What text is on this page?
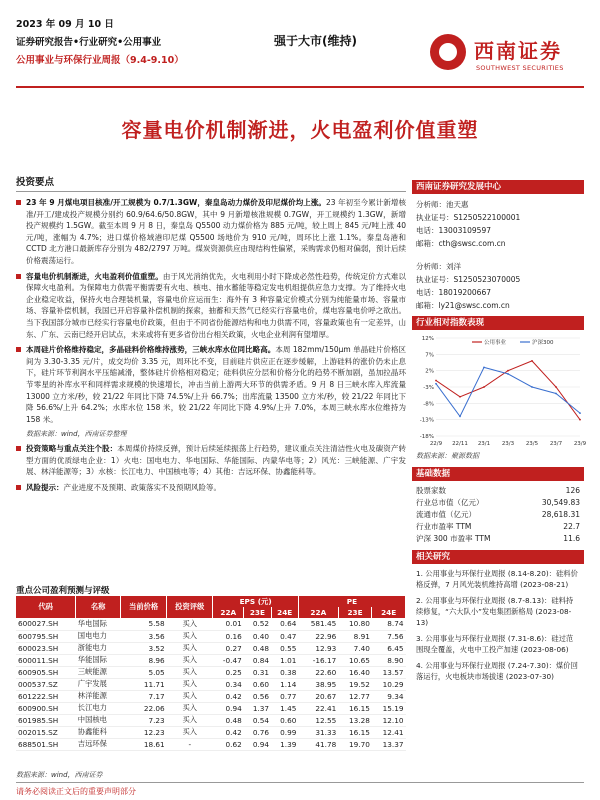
2023 年 09 月 10 日
证券研究报告•行业研究•公用事业
公用事业与环保行业周报（9.4-9.10）
强于大市(维持)	西南证券
SOUTHWEST SECURITIES
容量电价机制渐进，火电盈利价值重塑
投资要点
23 年 9 月煤电项目核准/开工规模为 0.7/1.3GW，秦皇岛动力煤价及印尼煤价均上涨。23 年初至今累计新增核准/开工/建成投产规模分别约 60.9/64.6/50.8GW，其中 9 月新增核准规模 0.7GW，开工规模约 1.3GW，新增投产规模约 1.5GW。截至本周 9 月 8 日，秦皇岛 Q5500 动力煤价格为 885 元/吨，较上周上 845 元/吨上涨 40 元/吨，涨幅为 4.7%；进口煤价格域港印尼煤 Q5500 场地价为 910 元/吨，周环比上涨 1.1%。秦皇岛港和 CCTD 北方港口最新库存分别为 482/2797 万吨。煤炭资源供应由现结构性偏紧，采购需求仍相对偏弱，预计后续价格震荡运行。
容量电价机制渐进，火电盈利价值重塑。由于风光消纳优先，火电利用小时下降成必然性趋势，传统定价方式难以保障火电盈利。为保障电力供需平衡需要有火电、核电、抽水蓄能等稳定发电机组提供应急力支撑。为了维持火电企业稳定收益，保持火电合理装机量，容量电价应运而生：海外有 3 种容量定价模式分别为纯能量市场、容量市场、容量补偿机制，我国已开启容量补偿机制的探索，抽蓄和天然气已经实行容量电价，煤电容量电价呼之欲出。当下我国部分城市已经实行容量电价政策，但由于不同省份能源结构和电力供需不同，容量政策也有一定差异，山东、广东、云南已经开启试点，未来或将有更多省份出台相关政策，火电企业利润有望增厚。
本周硅片价格维持稳定，多晶硅料价格维持涨势，三峡水库水位同比略高。本周 182mm/150μm 单晶硅片价格区间为 3.30-3.35 元/片，成交均价 3.35 元，周环比不变，目前硅片供应正在逐步缓解，上游硅料的涨价仍未止息下，硅片环节利润水平压缩减滑，整体硅片价格相对稳定；硅料供应分层和价格分化的趋势不断加剧，虽加拉晶环节零星的补库水平和同样需求规模的快速增长，冲击当前上游两大环节的供需矛盾。9 月 8 日三峡水库入库流量 13000 立方米/秒，较 21/22 年同比下降 74.5%/上升 66.7%；出库流量 13500 立方米/秒，较 21/22 年同比下降 56.6%/上升 64.2%；水库水位 158 米，较 21/22 年同比下降 4.9%/上升 7.0%，本周三峡水库水位维持为 158 米。
数据来源：wind，西南证券整理
投资策略与重点关注个股：本周煤价持续反弹，预计后续延续振荡上行趋势，建议重点关注清洁性火电及碳资产转型方面的优质绿电企业：1）火电：国电电力、华电国际、华能国际、内蒙华电等；2）风光：三峡能源、广宇发展、林洋能源等；3）水核：长江电力、中国核电等；4）其他：吉远环保、协鑫能科等。
风险提示：产业进度不及预期、政策落实不及预期风险等。
重点公司盈利预测与评级
代码	名称	当前价格	投资评级	EPS (元)			PE		
				22A	23E	24E	22A	23E	24E
600027.SH	华电国际	5.58	买入	0.01	0.52	0.64	581.45	10.80	8.74
600795.SH	国电电力	3.56	买入	0.16	0.40	0.47	22.96	8.91	7.56
600023.SH	浙能电力	3.52	买入	0.27	0.48	0.55	12.93	7.40	6.45
600011.SH	华能国际	8.96	买入	-0.47	0.84	1.01	-16.17	10.65	8.90
600905.SH	三峡能源	5.05	买入	0.25	0.31	0.38	22.60	16.40	13.57
000537.SZ	广宇发展	11.71	买入	0.34	0.60	1.14	38.95	19.52	10.29
601222.SH	林洋能源	7.17	买入	0.42	0.56	0.77	20.67	12.77	9.34
600900.SH	长江电力	22.06	买入	0.94	1.37	1.45	22.41	16.15	15.19
601985.SH	中国核电	7.23	买入	0.48	0.54	0.60	12.55	13.28	12.10
002015.SZ	协鑫能科	12.23	买入	0.42	0.76	0.99	31.33	16.15	12.41
688501.SH	吉远环保	18.61	-	0.62	0.94	1.39	41.78	19.70	13.37
数据来源：wind，西南证券
西南证券研究发展中心
分析师：池天惠
执业证号：S1250522100001
电话：13003109597
邮箱：cth@swsc.com.cn
分析师：刘洋
执业证号：S1250523070005
电话：18019200667
邮箱：ly21@swsc.com.cn
行业相对指数表现
12%
7%
2%
-3%
-8%
-13%
-18%
22/9 22/11 23/1 23/3 23/5 23/7 23/9
公用事业	沪深300
数据来源：聚源数据
基础数据
股票家数	126
行业总市值（亿元）	30,549.83
流通市值（亿元）	28,618.31
行业市盈率 TTM	22.7
沪深 300 市盈率 TTM	11.6
相关研究
1. 公用事业与环保行业周报 (8.14-8.20)：硅料价格反弹，7 月风光装机维持高增 (2023-08-21)
2. 公用事业与环保行业周报 (8.7-8.13)：硅料持续修复，“六大队小”发电集团新格局 (2023-08-13)
3. 公用事业与环保行业周报 (7.31-8.6)：硅过范围现全覆盖，火电中工投产加速 (2023-08-06)
4. 公用事业与环保行业周报 (7.24-7.30)：煤价回落运行，火电板块市场拔速 (2023-07-30)
请务必阅读正文后的重要声明部分
